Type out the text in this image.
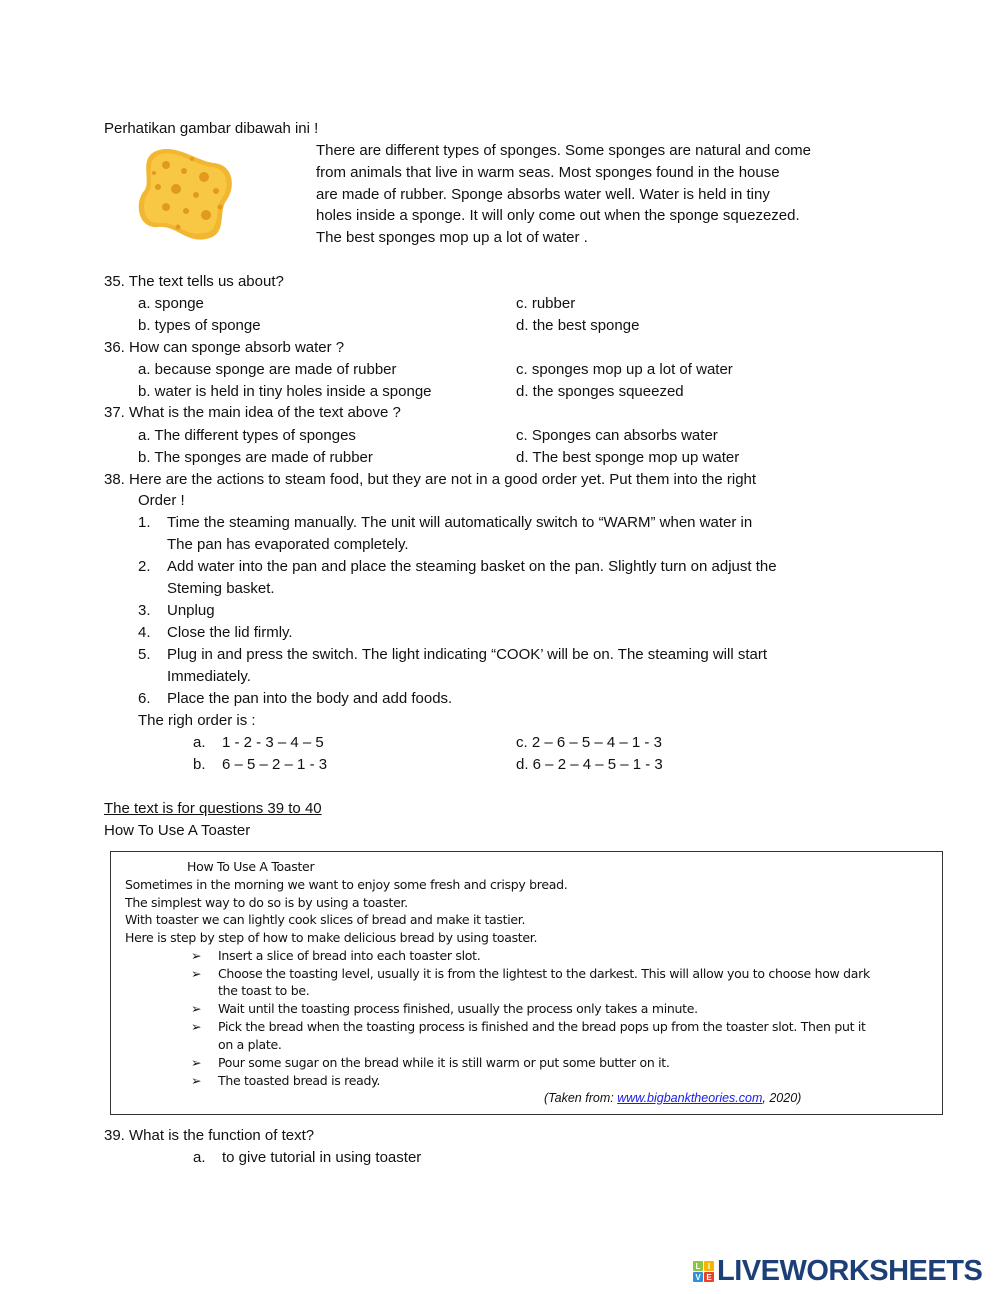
Perhatikan gambar dibawah ini !
There are different types of sponges. Some sponges are natural and come
from animals that live in warm seas. Most sponges found in the house
are made of rubber. Sponge absorbs water well. Water is held in tiny
holes inside a sponge. It will only come out when the sponge squezezed.
The best sponges mop up a lot of water .
35. The text tells us about?
a. sponge	c. rubber
b. types of sponge	d. the best sponge
36. How can sponge absorb water ?
a. because sponge are made of rubber	c. sponges mop up a lot of water
b. water is held in tiny holes inside a sponge	d. the sponges squeezed
37. What is the main idea of the text above ?
a. The different types of sponges	c. Sponges can absorbs water
b. The sponges are made of rubber	d. The best sponge mop up water
38. Here are the actions to steam food, but they are not in a good order yet. Put them into the right
Order !
1. Time the steaming manually. The unit will automatically switch to “WARM” when water in
The pan has evaporated completely.
2. Add water into the pan and place the steaming basket on the pan. Slightly turn on adjust the
Steming basket.
3. Unplug
4. Close the lid firmly.
5. Plug in and press the switch. The light indicating “COOK’ will be on. The steaming will start
Immediately.
6. Place the pan into the body and add foods.
The righ order is :
a. 1 - 2 - 3 – 4 – 5	c. 2 – 6 – 5 – 4 – 1 - 3
b. 6 – 5 – 2 – 1 - 3	d. 6 – 2 – 4 – 5 – 1 - 3
The text is for questions 39 to 40
How To Use A Toaster
How To Use A Toaster
Sometimes in the morning we want to enjoy some fresh and crispy bread.
The simplest way to do so is by using a toaster.
With toaster we can lightly cook slices of bread and make it tastier.
Here is step by step of how to make delicious bread by using toaster.
➢ Insert a slice of bread into each toaster slot.
➢ Choose the toasting level, usually it is from the lightest to the darkest. This will allow you to choose how dark
the toast to be.
➢ Wait until the toasting process finished, usually the process only takes a minute.
➢ Pick the bread when the toasting process is finished and the bread pops up from the toaster slot. Then put it
on a plate.
➢ Pour some sugar on the bread while it is still warm or put some butter on it.
➢ The toasted bread is ready.
(Taken from: www.bigbanktheories.com, 2020)
39. What is the function of text?
a. to give tutorial in using toaster
L I
V E LIVEWORKSHEETS
